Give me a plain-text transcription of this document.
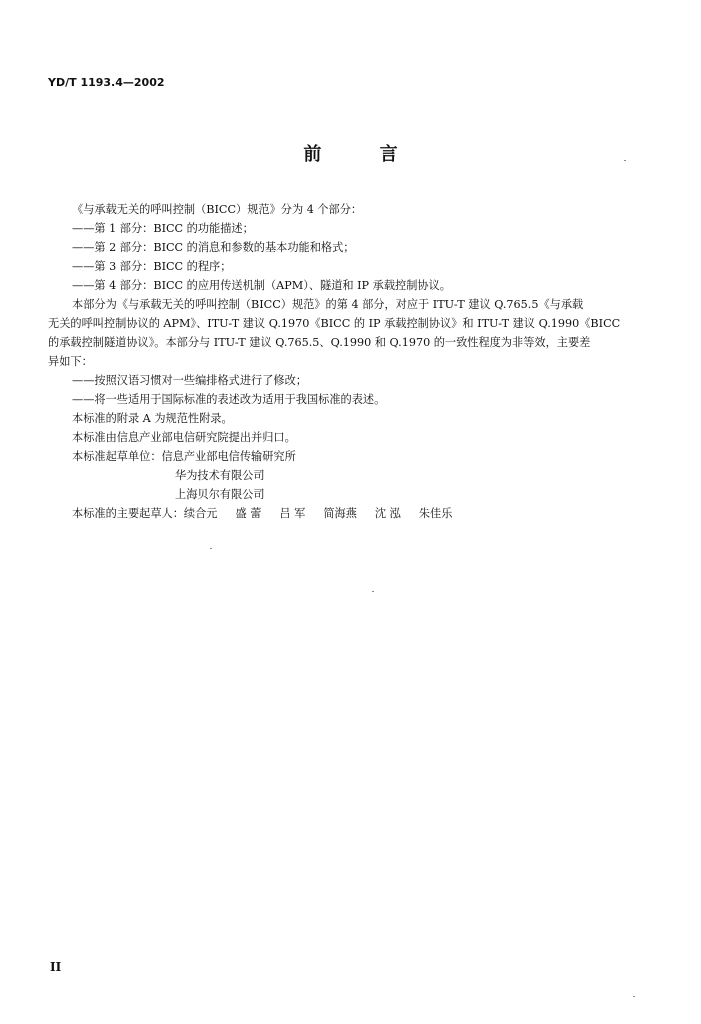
YD/T 1193.4—2002
前 言
《与承载无关的呼叫控制（BICC）规范》分为 4 个部分：
——第 1 部分：BICC 的功能描述；
——第 2 部分：BICC 的消息和参数的基本功能和格式；
——第 3 部分：BICC 的程序；
——第 4 部分：BICC 的应用传送机制（APM）、隧道和 IP 承载控制协议。
本部分为《与承载无关的呼叫控制（BICC）规范》的第 4 部分，对应于 ITU-T 建议 Q.765.5《与承载
无关的呼叫控制协议的 APM》、ITU-T 建议 Q.1970《BICC 的 IP 承载控制协议》和 ITU-T 建议 Q.1990《BICC
的承载控制隧道协议》。本部分与 ITU-T 建议 Q.765.5、Q.1990 和 Q.1970 的一致性程度为非等效，主要差
异如下：
——按照汉语习惯对一些编排格式进行了修改；
——将一些适用于国际标准的表述改为适用于我国标准的表述。
本标准的附录 A 为规范性附录。
本标准由信息产业部电信研究院提出并归口。
本标准起草单位：信息产业部电信传输研究所
华为技术有限公司
上海贝尔有限公司
本标准的主要起草人：续合元 盛 蕾 吕 军 简海燕 沈 泓 朱佳乐
II
